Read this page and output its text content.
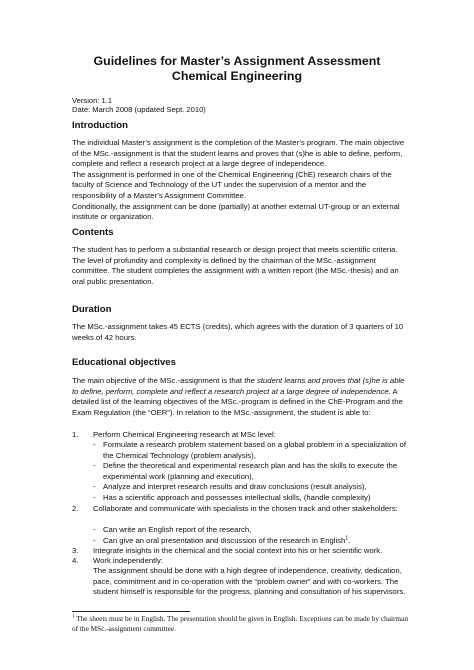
Guidelines for Master’s Assignment Assessment
Chemical Engineering
Version: 1.1
Date: March 2008 (updated Sept. 2010)
Introduction

The individual Master’s assignment is the completion of the Master’s program. The main objective of the MSc.-assignment is that the student learns and proves that (s)he is able to define, perform, complete and reflect a research project at a large degree of independence.

The assignment is performed in one of the Chemical Engineering (ChE) research chairs of the faculty of Science and Technology of the UT under the supervision of a mentor and the responsibility of a Master’s Assignment Committee.

Conditionally, the assignment can be done (partially) at another external UT-group or an external institute or organization.

Contents
The student has to perform a substantial research or design project that meets scientific criteria. The level of profundity and complexity is defined by the chairman of the MSc.-assignment committee. The student completes the assignment with a written report (the MSc.-thesis) and an oral public presentation.
Duration
The MSc.-assignment takes 45 ECTS (credits), which agrees with the duration of 3 quarters of 10 weeks of 42 hours.
Educational objectives
The main objective of the MSc.-assignment is that the student learns and proves that (s)he is able to define, perform, complete and reflect a research project at a large degree of independence. A detailed list of the learning objectives of the MSc.-program is defined in the ChE-Program and the Exam Regulation (the “OER”). In relation to the MSc.-assignment, the student is able to:
1. Perform Chemical Engineering research at MSc level:
- Formulate a research problem statement based on a global problem in a specialization of the Chemical Technology (problem analysis),
- Define the theoretical and experimental research plan and has the skills to execute the experimental work (planning and execution),
- Analyze and interpret research results and draw conclusions (result analysis),
- Has a scientific approach and possesses intellectual skills, (handle complexity)
2. Collaborate and communicate with specialists in the chosen track and other stakeholders:
- Can write an English report of the research,
- Can give an oral presentation and discussion of the research in English$^1$.
3. Integrate insights in the chemical and the social context into his or her scientific work.
4. Work independently:
The assignment should be done with a high degree of independence, creativity, dedication, pace, commitment and in co-operation with the “problem owner” and with co-workers. The student himself is responsible for the progress, planning and consultation of his supervisors.
$^1$ The sheets must be in English. The presentation should be given in English. Exceptions can be made by chairman of the MSc.-assignment committee.
